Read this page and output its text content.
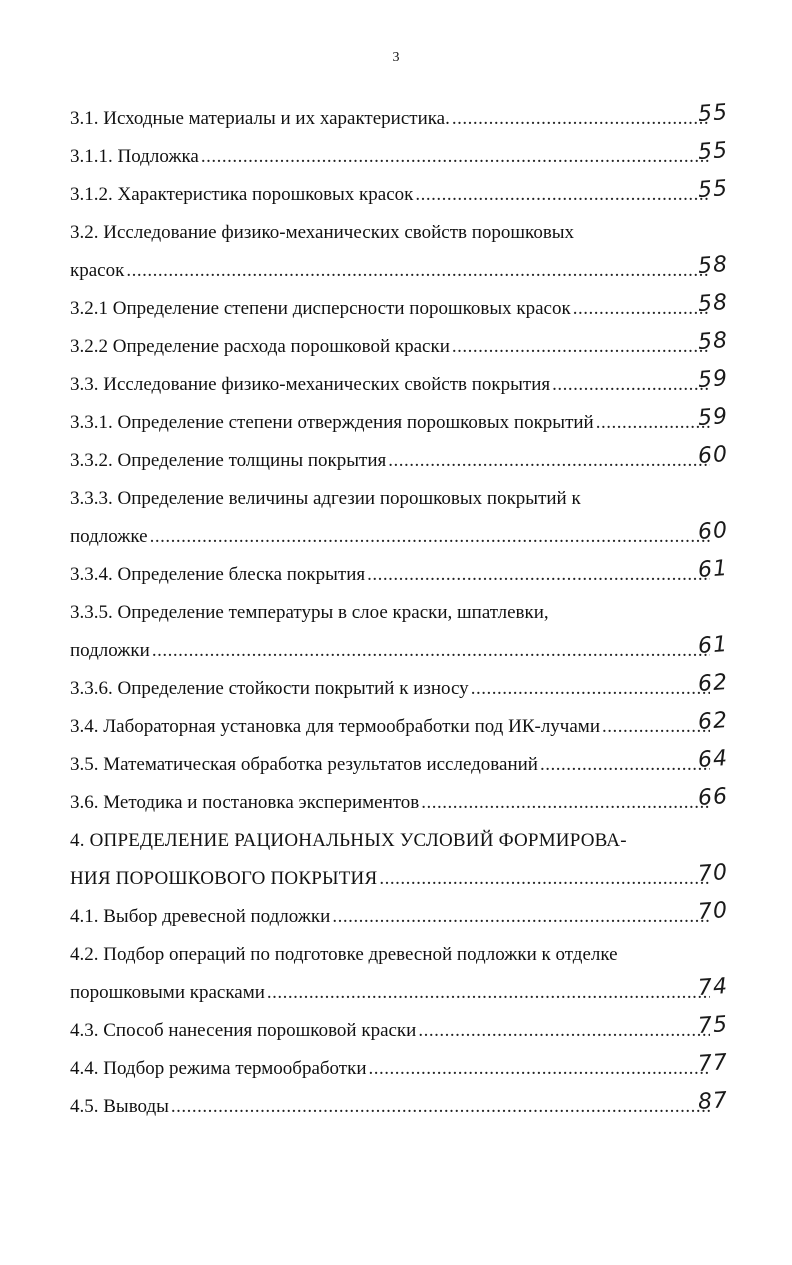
3
3.1. Исходные материалы и их характеристика. .....	55
3.1.1. Подложка .....	55
3.1.2. Характеристика порошковых красок .....	55
3.2. Исследование физико-механических свойств порошковых
красок .....	58
3.2.1 Определение степени дисперсности порошковых красок .....	58
3.2.2 Определение расхода порошковой краски .....	58
3.3. Исследование физико-механических свойств покрытия .....	59
3.3.1. Определение степени отверждения порошковых покрытий .....	59
3.3.2. Определение толщины покрытия .....	60
3.3.3. Определение величины адгезии порошковых покрытий к
подложке .....	60
3.3.4. Определение блеска покрытия .....	61
3.3.5. Определение температуры в слое краски, шпатлевки,
подложки .....	61
3.3.6. Определение стойкости покрытий к износу .....	62
3.4. Лабораторная установка для термообработки под ИК-лучами .....	62
3.5. Математическая обработка результатов исследований .....	64
3.6. Методика и постановка экспериментов .....	66
4. ОПРЕДЕЛЕНИЕ РАЦИОНАЛЬНЫХ УСЛОВИЙ ФОРМИРОВА-
НИЯ ПОРОШКОВОГО ПОКРЫТИЯ .....	70
4.1. Выбор древесной подложки .....	70
4.2. Подбор операций по подготовке древесной подложки к отделке
порошковыми красками .....	74
4.3. Способ нанесения порошковой краски .....	75
4.4. Подбор режима термообработки .....	77
4.5. Выводы .....	87
